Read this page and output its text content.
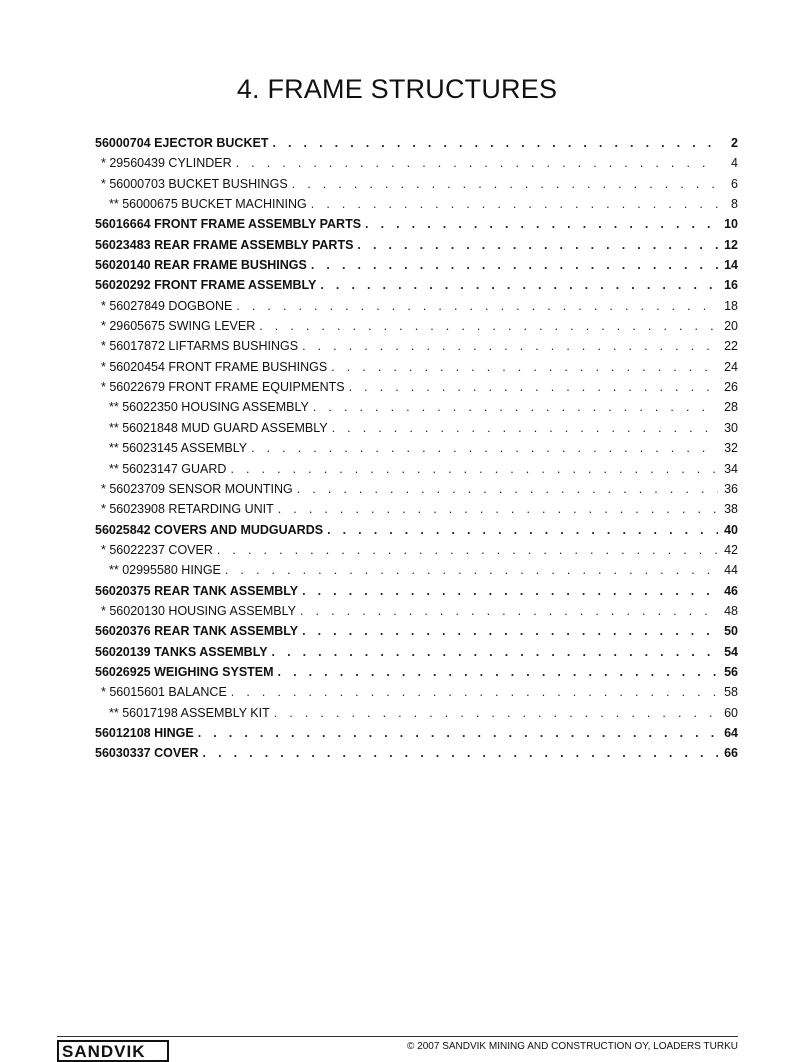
4. FRAME STRUCTURES
56000704 EJECTOR BUCKET . . .	2
* 29560439 CYLINDER . . .	4
* 56000703 BUCKET BUSHINGS . . .	6
** 56000675 BUCKET MACHINING . . .	8
56016664 FRONT FRAME ASSEMBLY PARTS . . .	10
56023483 REAR FRAME ASSEMBLY PARTS . . .	12
56020140 REAR FRAME BUSHINGS . . .	14
56020292 FRONT FRAME ASSEMBLY . . .	16
* 56027849 DOGBONE . . .	18
* 29605675 SWING LEVER . . .	20
* 56017872 LIFTARMS BUSHINGS . . .	22
* 56020454 FRONT FRAME BUSHINGS . . .	24
* 56022679 FRONT FRAME EQUIPMENTS . . .	26
** 56022350 HOUSING ASSEMBLY . . .	28
** 56021848 MUD GUARD ASSEMBLY . . .	30
** 56023145 ASSEMBLY . . .	32
** 56023147 GUARD . . .	34
* 56023709 SENSOR MOUNTING . . .	36
* 56023908 RETARDING UNIT . . .	38
56025842 COVERS AND MUDGUARDS . . .	40
* 56022237 COVER . . .	42
** 02995580 HINGE . . .	44
56020375 REAR TANK ASSEMBLY . . .	46
* 56020130 HOUSING ASSEMBLY . . .	48
56020376 REAR TANK ASSEMBLY . . .	50
56020139 TANKS ASSEMBLY . . .	54
56026925 WEIGHING SYSTEM . . .	56
* 56015601 BALANCE . . .	58
** 56017198 ASSEMBLY KIT . . .	60
56012108 HINGE . . .	64
56030337 COVER . . .	66
SANDVIK	© 2007 SANDVIK MINING AND CONSTRUCTION OY, LOADERS TURKU
